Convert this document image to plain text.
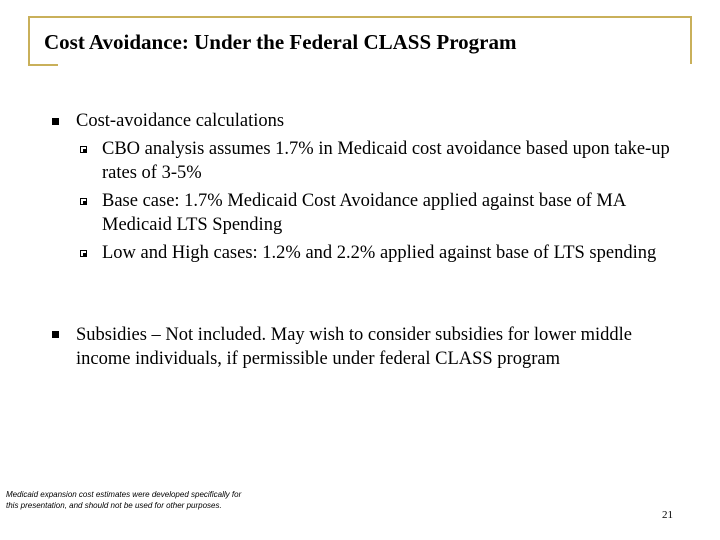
Cost Avoidance: Under the Federal CLASS Program
Cost-avoidance calculations
CBO analysis assumes 1.7% in Medicaid cost avoidance based upon take-up rates of 3-5%
Base case: 1.7% Medicaid Cost Avoidance applied against base of MA Medicaid LTS Spending
Low and High cases: 1.2% and 2.2% applied against base of LTS spending
Subsidies – Not included. May wish to consider subsidies for lower middle income individuals, if permissible under federal CLASS program
Medicaid expansion cost estimates were developed specifically for this presentation, and should not be used for other purposes.
21
